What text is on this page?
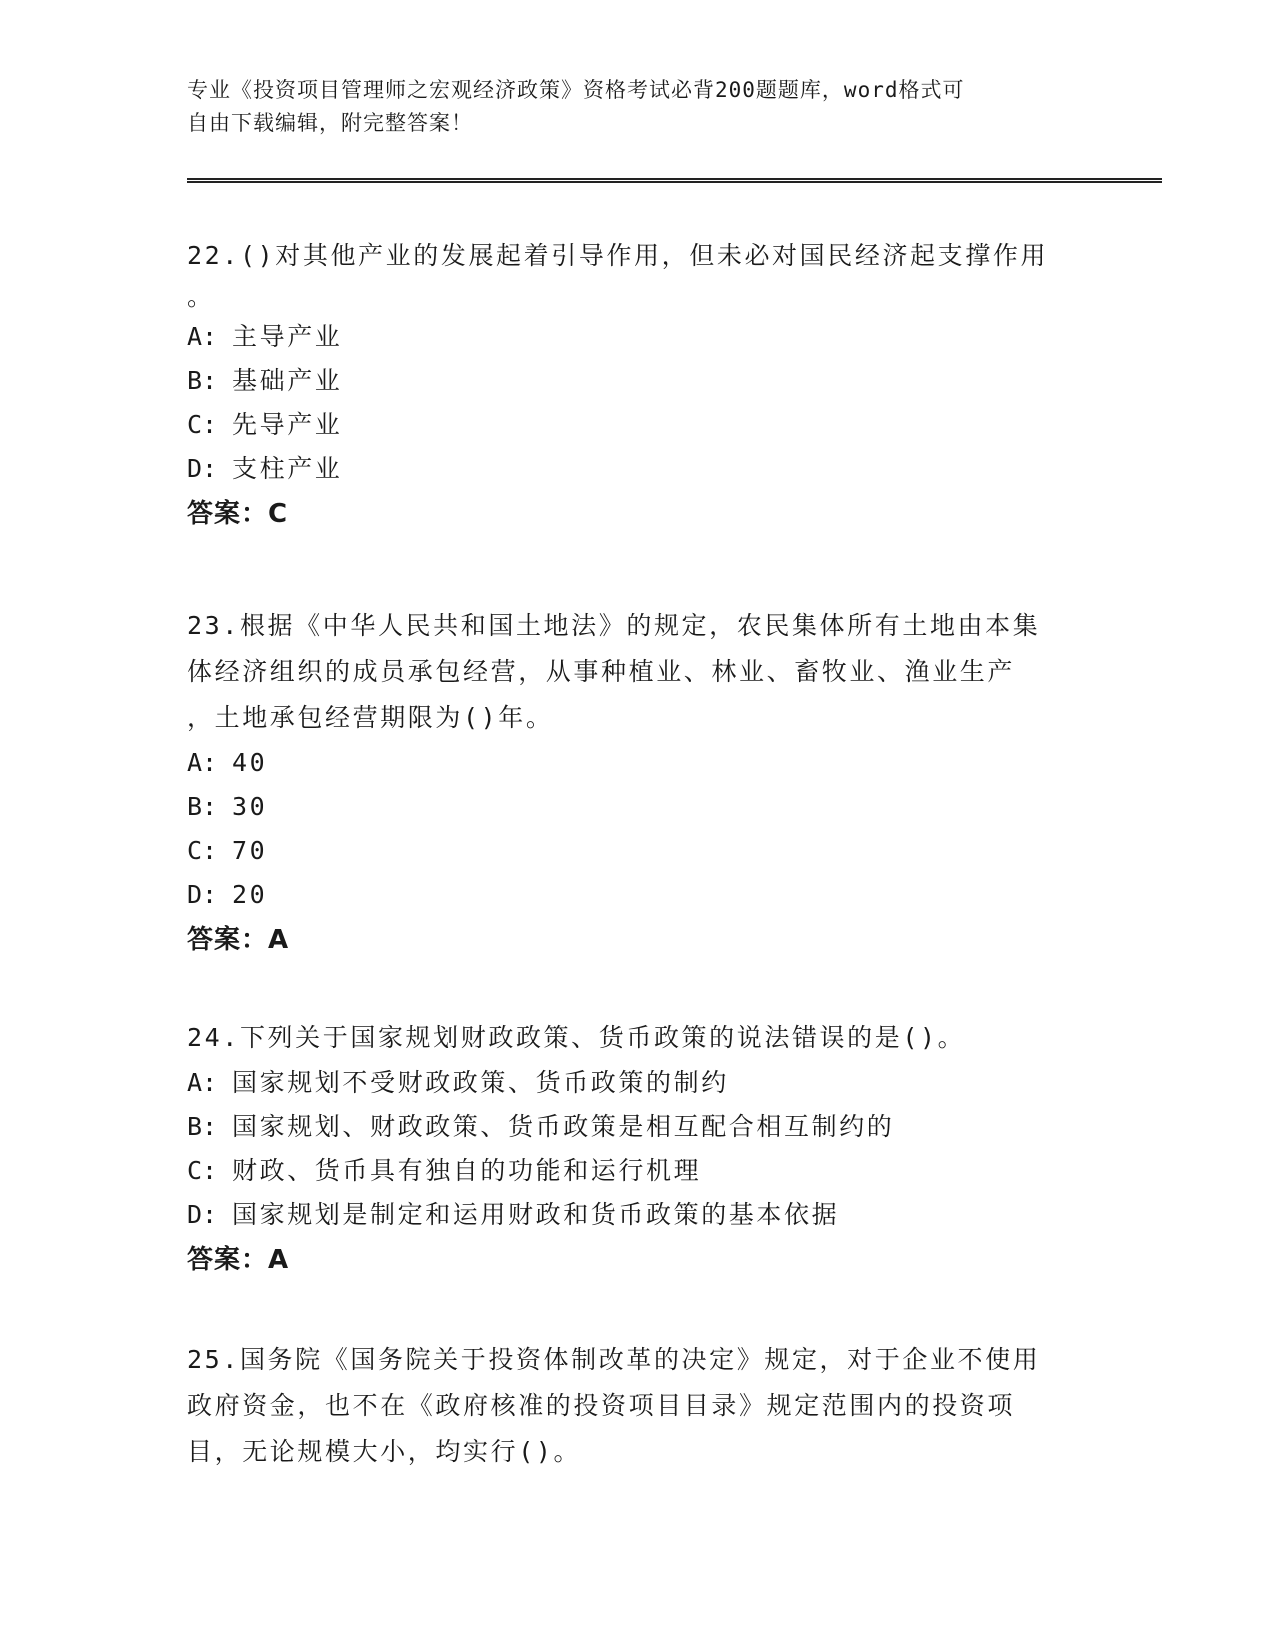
专业《投资项目管理师之宏观经济政策》资格考试必背200题题库，word格式可
自由下载编辑，附完整答案！
22.()对其他产业的发展起着引导作用，但未必对国民经济起支撑作用
。
A: 主导产业
B: 基础产业
C: 先导产业
D: 支柱产业
答案：C
23.根据《中华人民共和国土地法》的规定，农民集体所有土地由本集
体经济组织的成员承包经营，从事种植业、林业、畜牧业、渔业生产
，土地承包经营期限为()年。
A: 40
B: 30
C: 70
D: 20
答案：A
24.下列关于国家规划财政政策、货币政策的说法错误的是()。
A: 国家规划不受财政政策、货币政策的制约
B: 国家规划、财政政策、货币政策是相互配合相互制约的
C: 财政、货币具有独自的功能和运行机理
D: 国家规划是制定和运用财政和货币政策的基本依据
答案：A
25.国务院《国务院关于投资体制改革的决定》规定，对于企业不使用
政府资金，也不在《政府核准的投资项目目录》规定范围内的投资项
目，无论规模大小，均实行()。
